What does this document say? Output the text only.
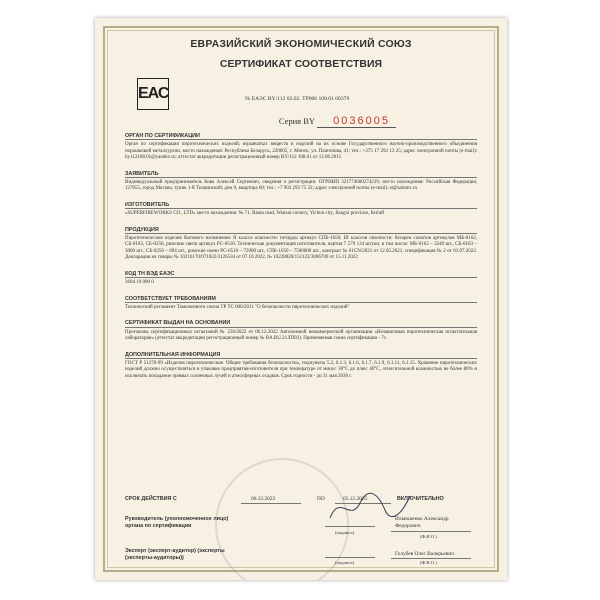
ЕВРАЗИЙСКИЙ ЭКОНОМИЧЕСКИЙ СОЮЗ
СЕРТИФИКАТ СООТВЕТСТВИЯ
ЕАС	№ ЕАЭС BY/112 02.02. ТР006 108.01 00379
Серия BY 0036005
ОРГАН ПО СЕРТИФИКАЦИИ
Орган по сертификации пиротехнических изделий, взрывчатых веществ и изделий на их основе Государственного научно-производственного объединения порошковой металлургии, место нахождения: Республика Беларусь, 220005, г. Минск, ул. Платонова, 41; тел.: +375 17 292 13 25; адрес электронной почты (e-mail): by112108.01@yandex.ru; аттестат аккредитации регистрационный номер BY/112 108.01 от 12.06.2015
ЗАЯВИТЕЛЬ
Индивидуальный предприниматель Кова Алексей Сергеевич, сведения о регистрации: ОГРНИП 321774600274239; место нахождения: Российская Федерация, 127055, город Москва, тупик 1-й Тихвинский, дом 9, квартира 60; тел.: +7 903 293 75 32; адрес электронной почты (e-mail): st@salutex.ru
ИЗГОТОВИТЕЛЬ
«SUPERFIREWORKS CO., LTD» место нахождения: № 71, Baota road, Wanzai country, Yichun city, Jiangxi province, Китай
ПРОДУКЦИЯ
Пиротехнические изделия бытового назначения: II класса опасности: петарды артикул СПБ-1650; III классов опасности: батареи салютов артикулов МБ-0162, СБ-0163, СБ-0256, римские свечи артикул РС-0510. Техническая документация изготовителя, партия 7 579 134 штуки, в том числе: МБ-0162 – 3240 шт., СБ-0163 – 3000 шт., СБ-0256 – 894 шт., римские свечи РС-0510 – 72000 шт., СПБ-1650 – 7500000 шт., контракт № 01CN/2021 от 12.05.2021, спецификация № 2 от 01.07.2022. Декларация на товары № 10216170/071022/3126534 от 07.10.2022, № 10228020/151122/3006700 от 15.11.2022
КОД ТН ВЭД ЕАЭС
3604 10 000 0
СООТВЕТСТВУЕТ ТРЕБОВАНИЯМ
Технический регламент Таможенного союза ТР ТС 006/2011 "О безопасности пиротехнических изделий"
СЕРТИФИКАТ ВЫДАН НА ОСНОВАНИИ
Протоколы сертификационных испытаний № 236/2022 от 06.12.2022 Автономной некоммерческой организации «Независимая пиротехническая испытательная лаборатория» (аттестат аккредитации регистрационный номер № RA.RU.21ЛП03). Применяемая схема сертификации - 7с.
ДОПОЛНИТЕЛЬНАЯ ИНФОРМАЦИЯ
ГОСТ Р 51270-99 «Изделия пиротехнические. Общие требования безопасности», подпункты 5.2, 6.1.3, 6.1.6, 6.1.7, 6.1.9, 6.1.11, 6.1.15. Хранение пиротехнических изделий должно осуществляться в упаковке предприятия-изготовителя при температуре от минус 30°С до плюс 40°С, относительной влажностью не более 80% и исключать попадание прямых солнечных лучей и атмосферных осадков. Срок годности - до 31 мая 2030 г.
СРОК ДЕЙСТВИЯ С	06.12.2022	ПО	05.12.2025	ВКЛЮЧИТЕЛЬНО
Руководитель (уполномоченное лицо) органа по сертификации
(подпись)
Ильюшенко Александр Федорович
(Ф.И.О.)
Эксперт (эксперт-аудитор) (эксперты (эксперты-аудиторы))
(подпись)
Голубев Олег Валерьевич
(Ф.И.О.)
